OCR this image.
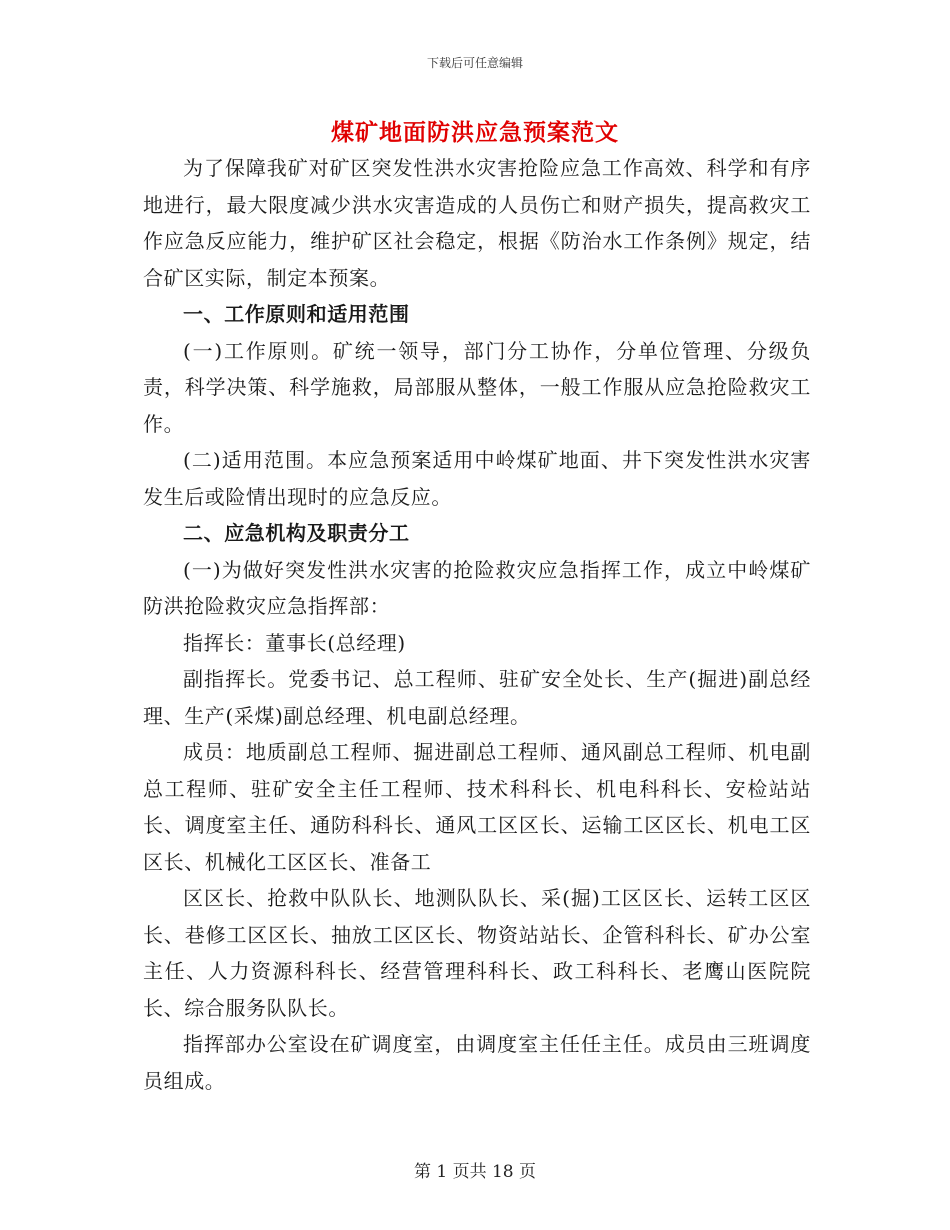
下载后可任意编辑
煤矿地面防洪应急预案范文

为了保障我矿对矿区突发性洪水灾害抢险应急工作高效、科学和有序地进行，最大限度减少洪水灾害造成的人员伤亡和财产损失，提高救灾工作应急反应能力，维护矿区社会稳定，根据《防治水工作条例》规定，结合矿区实际，制定本预案。

一、工作原则和适用范围

(一)工作原则。矿统一领导，部门分工协作，分单位管理、分级负责，科学决策、科学施救，局部服从整体，一般工作服从应急抢险救灾工作。

(二)适用范围。本应急预案适用中岭煤矿地面、井下突发性洪水灾害发生后或险情出现时的应急反应。

二、应急机构及职责分工

(一)为做好突发性洪水灾害的抢险救灾应急指挥工作，成立中岭煤矿防洪抢险救灾应急指挥部：

指挥长：董事长(总经理)

副指挥长。党委书记、总工程师、驻矿安全处长、生产(掘进)副总经理、生产(采煤)副总经理、机电副总经理。

成员：地质副总工程师、掘进副总工程师、通风副总工程师、机电副总工程师、驻矿安全主任工程师、技术科科长、机电科科长、安检站站长、调度室主任、通防科科长、通风工区区长、运输工区区长、机电工区区长、机械化工区区长、准备工

区区长、抢救中队队长、地测队队长、采(掘)工区区长、运转工区区长、巷修工区区长、抽放工区区长、物资站站长、企管科科长、矿办公室主任、人力资源科科长、经营管理科科长、政工科科长、老鹰山医院院长、综合服务队队长。

指挥部办公室设在矿调度室，由调度室主任任主任。成员由三班调度员组成。

第 1 页共 18 页
